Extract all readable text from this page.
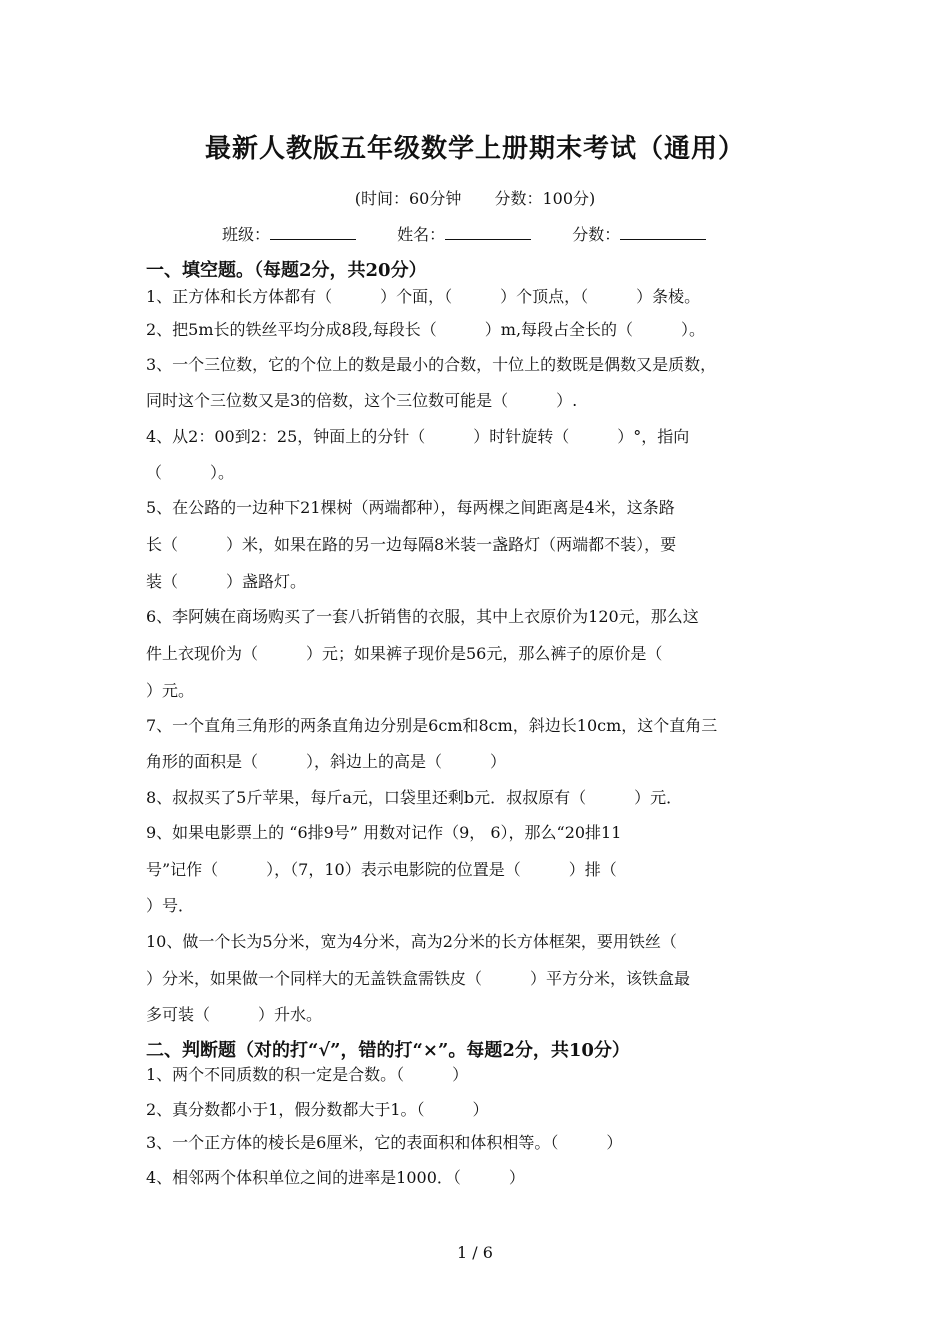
最新人教版五年级数学上册期末考试（通用）
(时间：60分钟 分数：100分)
班级：	姓名：	分数：
一、填空题。（每题2分，共20分）
1、正方体和长方体都有（　　　）个面，（　　　）个顶点，（　　　）条棱。
2、把5m长的铁丝平均分成8段,每段长（　　　）m,每段占全长的（　　　）。
3、一个三位数，它的个位上的数是最小的合数，十位上的数既是偶数又是质数，
同时这个三位数又是3的倍数，这个三位数可能是（　　　）.
4、从2：00到2：25，钟面上的分针（　　　）时针旋转（　　　）°，指向
（　　　）。
5、在公路的一边种下21棵树（两端都种），每两棵之间距离是4米，这条路
长（　　　）米，如果在路的另一边每隔8米装一盏路灯（两端都不装），要
装（　　　）盏路灯。
6、李阿姨在商场购买了一套八折销售的衣服，其中上衣原价为120元，那么这
件上衣现价为（　　　）元；如果裤子现价是56元，那么裤子的原价是（
）元。
7、一个直角三角形的两条直角边分别是6cm和8cm，斜边长10cm，这个直角三
角形的面积是（　　　），斜边上的高是（　　　）
8、叔叔买了5斤苹果，每斤a元，口袋里还剩b元．叔叔原有（　　　）元．
9、如果电影票上的 “6排9号” 用数对记作（9， 6），那么“20排11
号”记作（　　　），（7，10）表示电影院的位置是（　　　）排（
）号．
10、做一个长为5分米，宽为4分米，高为2分米的长方体框架，要用铁丝（
）分米，如果做一个同样大的无盖铁盒需铁皮（　　　）平方分米，该铁盒最
多可装（　　　）升水。
二、判断题（对的打“√”，错的打“×”。每题2分，共10分）
1、两个不同质数的积一定是合数。（　　　）
2、真分数都小于1，假分数都大于1。（　　　）
3、一个正方体的棱长是6厘米，它的表面积和体积相等。（　　　）
4、相邻两个体积单位之间的进率是1000．（　　　）
1 / 6
